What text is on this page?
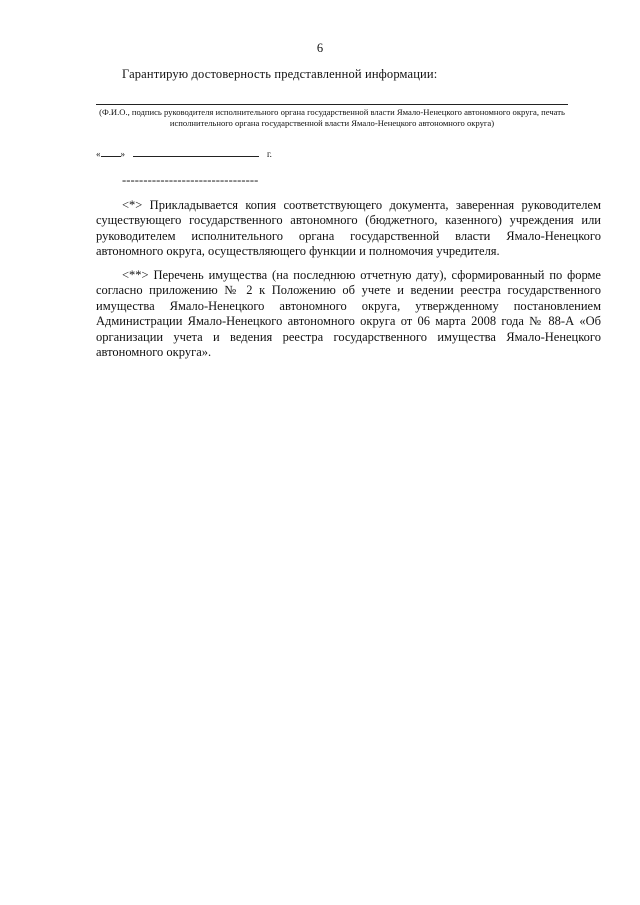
6
Гарантирую достоверность представленной информации:
(Ф.И.О., подпись руководителя исполнительного органа государственной власти Ямало-Ненецкого автономного округа, печать исполнительного органа государственной власти Ямало-Ненецкого автономного округа)
« »	г.
--------------------------------

<*> Прикладывается копия соответствующего документа, заверенная руководителем существующего государственного автономного (бюджетного, казенного) учреждения или руководителем исполнительного органа государственной власти Ямало-Ненецкого автономного округа, осуществляющего функции и полномочия учредителя.

<**> Перечень имущества (на последнюю отчетную дату), сформированный по форме согласно приложению № 2 к Положению об учете и ведении реестра государственного имущества Ямало-Ненецкого автономного округа, утвержденному постановлением Администрации Ямало-Ненецкого автономного округа от 06 марта 2008 года № 88-А «Об организации учета и ведения реестра государственного имущества Ямало-Ненецкого автономного округа».
